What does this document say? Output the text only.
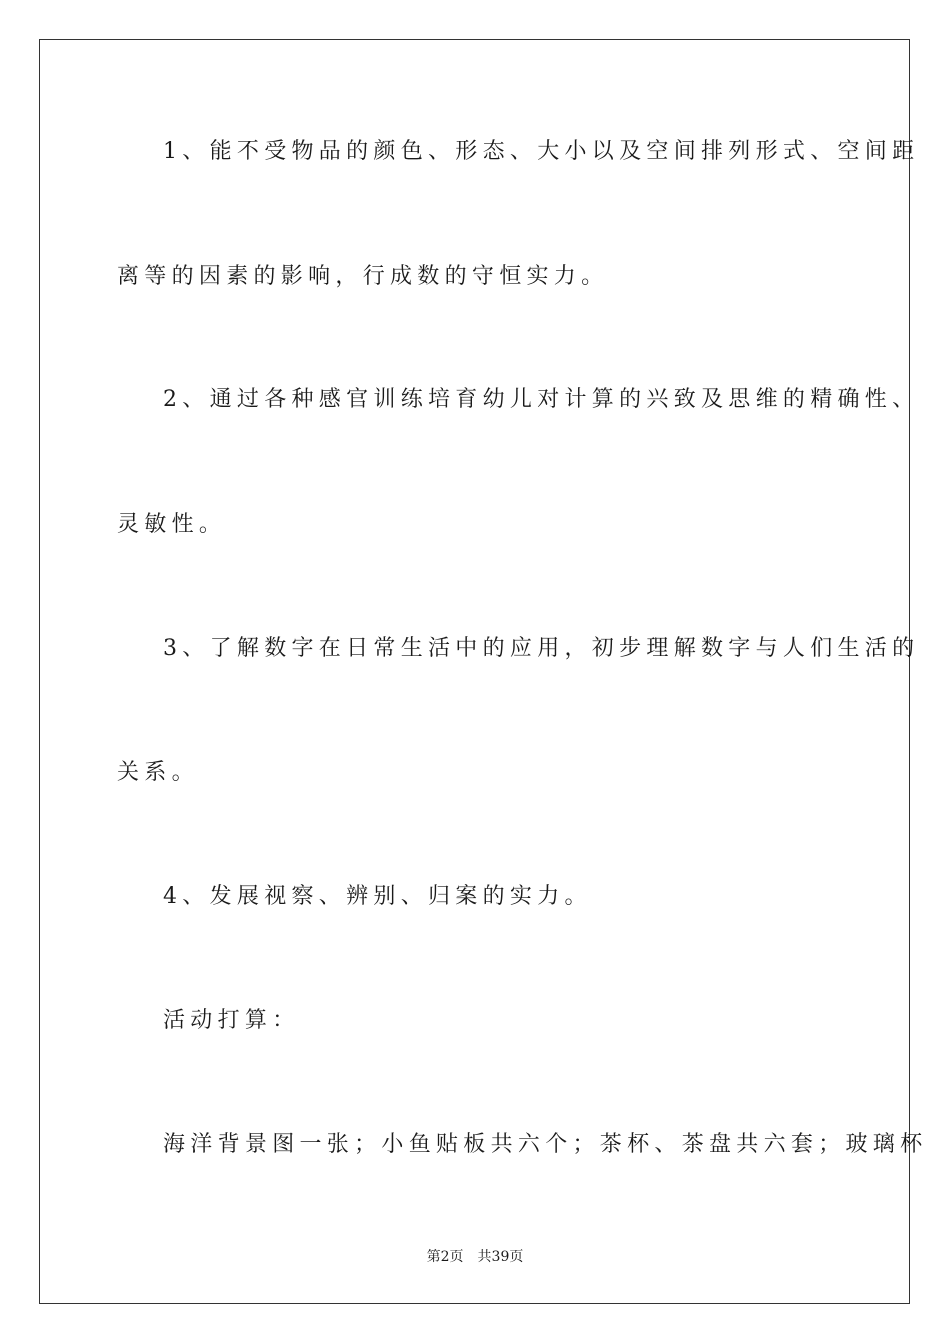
1、能不受物品的颜色、形态、大小以及空间排列形式、空间距
离等的因素的影响，行成数的守恒实力。
2、通过各种感官训练培育幼儿对计算的兴致及思维的精确性、
灵敏性。
3、了解数字在日常生活中的应用，初步理解数字与人们生活的
关系。
4、发展视察、辨别、归案的实力。
活动打算：
海洋背景图一张；小鱼贴板共六个；茶杯、茶盘共六套；玻璃杯
第2页 共39页
